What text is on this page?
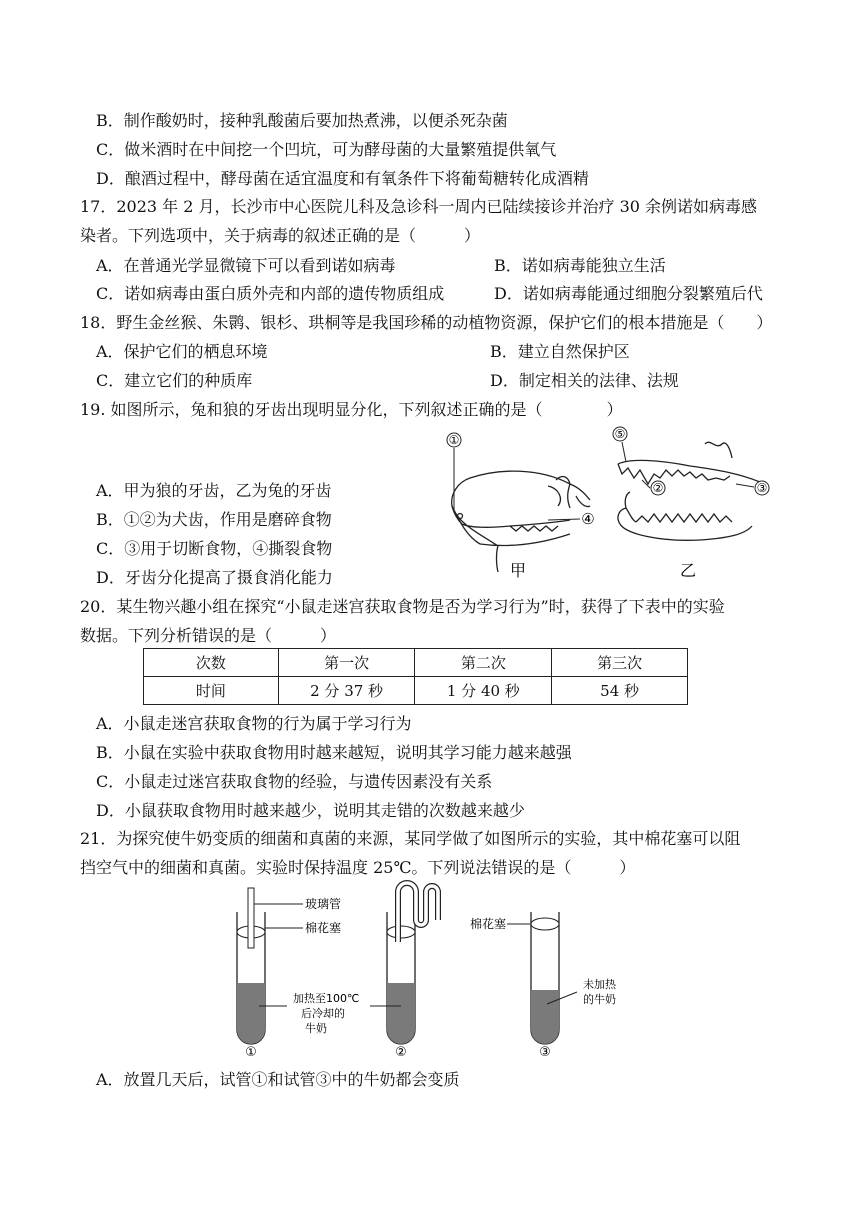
B．制作酸奶时，接种乳酸菌后要加热煮沸，以便杀死杂菌
C．做米酒时在中间挖一个凹坑，可为酵母菌的大量繁殖提供氧气
D．酿酒过程中，酵母菌在适宜温度和有氧条件下将葡萄糖转化成酒精
17．2023 年 2 月，长沙市中心医院儿科及急诊科一周内已陆续接诊并治疗 30 余例诺如病毒感
染者。下列选项中，关于病毒的叙述正确的是（　　　）
A．在普通光学显微镜下可以看到诺如病毒	B．诺如病毒能独立生活
C．诺如病毒由蛋白质外壳和内部的遗传物质组成	D．诺如病毒能通过细胞分裂繁殖后代
18．野生金丝猴、朱鹮、银杉、珙桐等是我国珍稀的动植物资源，保护它们的根本措施是（　　）
A．保护它们的栖息环境	B．建立自然保护区
C．建立它们的种质库	D．制定相关的法律、法规
19. 如图所示，兔和狼的牙齿出现明显分化，下列叙述正确的是（　　　　）
A．甲为狼的牙齿，乙为兔的牙齿
B．①②为犬齿，作用是磨碎食物
C．③用于切断食物，④撕裂食物
D．牙齿分化提高了摄食消化能力
①
④
甲
⑤
②	③
乙
20．某生物兴趣小组在探究“小鼠走迷宫获取食物是否为学习行为”时，获得了下表中的实验
数据。下列分析错误的是（　　　）
次数	第一次	第二次	第三次
时间	2 分 37 秒	1 分 40 秒	54 秒
A．小鼠走迷宫获取食物的行为属于学习行为
B．小鼠在实验中获取食物用时越来越短，说明其学习能力越来越强
C．小鼠走过迷宫获取食物的经验，与遗传因素没有关系
D．小鼠获取食物用时越来越少，说明其走错的次数越来越少
21．为探究使牛奶变质的细菌和真菌的来源，某同学做了如图所示的实验，其中棉花塞可以阻
挡空气中的细菌和真菌。实验时保持温度 25℃。下列说法错误的是（　　　）
玻璃管
棉花塞
加热至100℃
后冷却的
牛奶
①	②
棉花塞
未加热
的牛奶
③
A．放置几天后，试管①和试管③中的牛奶都会变质
